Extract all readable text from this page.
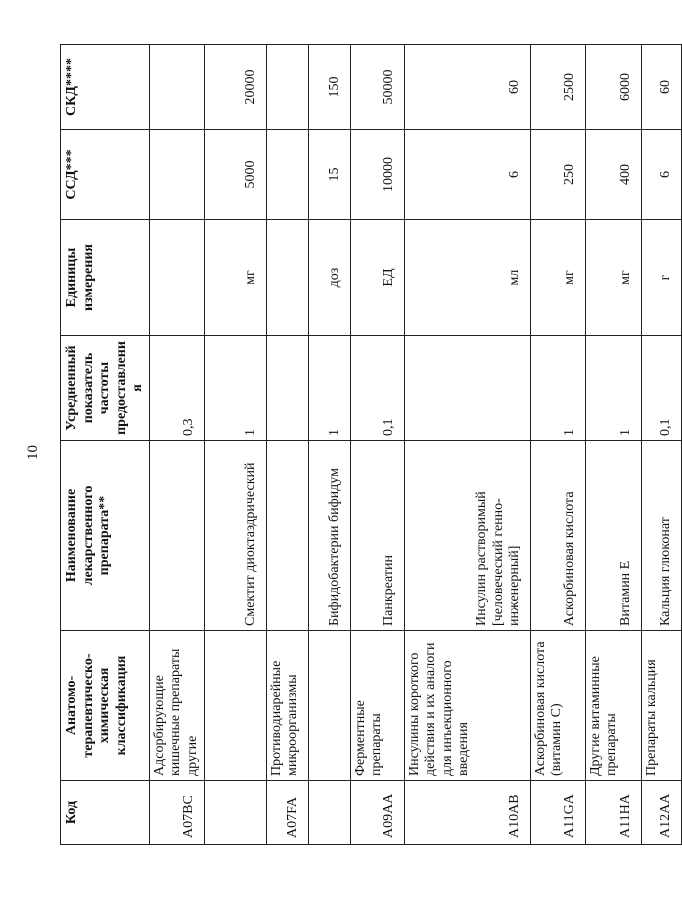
10
Код	Анатомо-терапевтическо-химическая классификация	Наименование лекарственного препарата**	Усредненный показатель частоты предоставления	Единицы измерения	ССД***	СКД****
A07BC	Адсорбирующие кишечные препараты другие		0,3			
		Смектит диоктаэдрический	1	мг	5000	20000
A07FA	Противодиарейные микроорганизмы					
		Бифидобактерии бифидум	1	доз	15	150
A09AA	Ферментные препараты	Панкреатин	0,1	ЕД	10000	50000
A10AB	Инсулины короткого действия и их аналоги для инъекционного введения	Инсулин растворимый [человеческий генно-инженерный]		мл	6	60
A11GA	Аскорбиновая кислота (витамин С)	Аскорбиновая кислота	1	мг	250	2500
A11HA	Другие витаминные препараты	Витамин Е	1	мг	400	6000
A12AA	Препараты кальция	Кальция глюконат	0,1	г	6	60
